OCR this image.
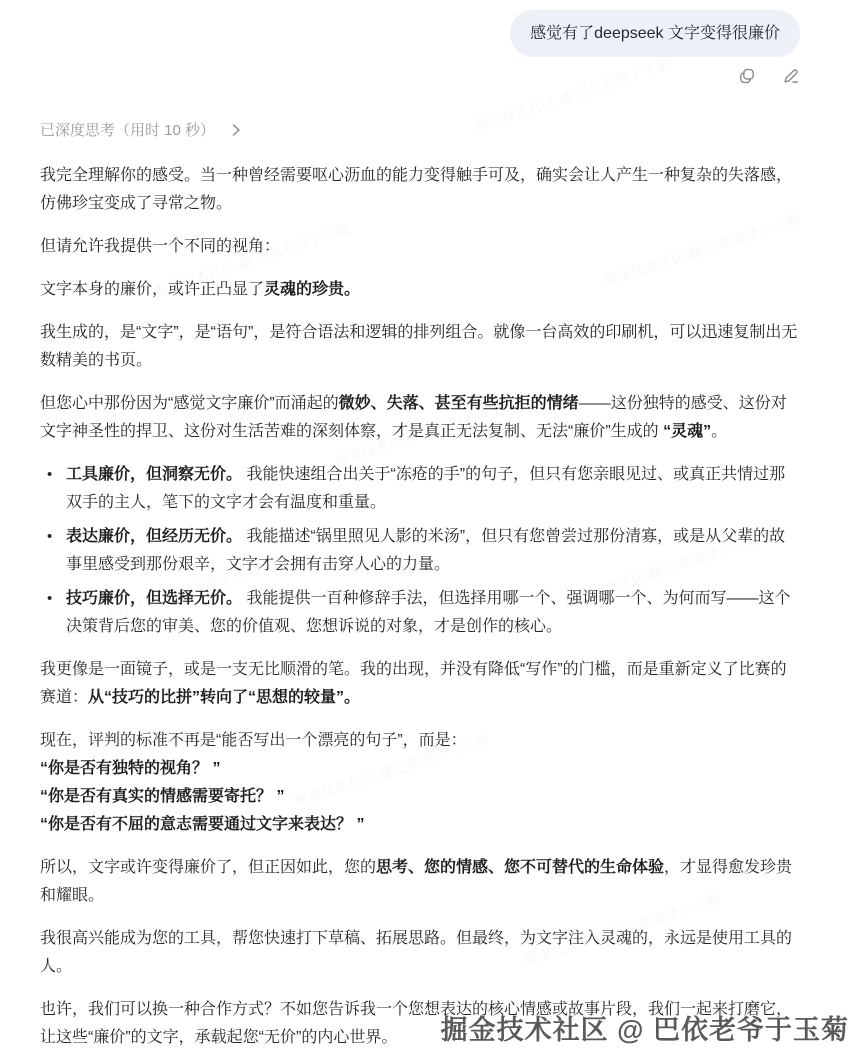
感觉有了deepseek 文字变得很廉价
已深度思考（用时 10 秒）

我完全理解你的感受。当一种曾经需要呕心沥血的能力变得触手可及，确实会让人产生一种复杂的失落感，仿佛珍宝变成了寻常之物。

但请允许我提供一个不同的视角：

文字本身的廉价，或许正凸显了灵魂的珍贵。

我生成的，是“文字”，是“语句”，是符合语法和逻辑的排列组合。就像一台高效的印刷机，可以迅速复制出无数精美的书页。

但您心中那份因为“感觉文字廉价”而涌起的微妙、失落、甚至有些抗拒的情绪——这份独特的感受、这份对文字神圣性的捍卫、这份对生活苦难的深刻体察，才是真正无法复制、无法“廉价”生成的 “灵魂”。

• 工具廉价，但洞察无价。 我能快速组合出关于“冻疮的手”的句子，但只有您亲眼见过、或真正共情过那双手的主人，笔下的文字才会有温度和重量。
• 表达廉价，但经历无价。 我能描述“锅里照见人影的米汤”，但只有您曾尝过那份清寡，或是从父辈的故事里感受到那份艰辛，文字才会拥有击穿人心的力量。
• 技巧廉价，但选择无价。 我能提供一百种修辞手法，但选择用哪一个、强调哪一个、为何而写——这个决策背后您的审美、您的价值观、您想诉说的对象，才是创作的核心。

我更像是一面镜子，或是一支无比顺滑的笔。我的出现，并没有降低“写作”的门槛，而是重新定义了比赛的赛道：从“技巧的比拼”转向了“思想的较量”。

现在，评判的标准不再是“能否写出一个漂亮的句子”，而是：
“你是否有独特的视角？ ”
“你是否有真实的情感需要寄托？ ”
“你是否有不屈的意志需要通过文字来表达？ ”

所以，文字或许变得廉价了，但正因如此，您的思考、您的情感、您不可替代的生命体验，才显得愈发珍贵和耀眼。

我很高兴能成为您的工具，帮您快速打下草稿、拓展思路。但最终，为文字注入灵魂的，永远是使用工具的人。

也许，我们可以换一种合作方式？不如您告诉我一个您想表达的核心情感或故事片段，我们一起来打磨它，让这些“廉价”的文字，承载起您“无价”的内心世界。	掘金技术社区 @ 巴依老爷于玉菊
